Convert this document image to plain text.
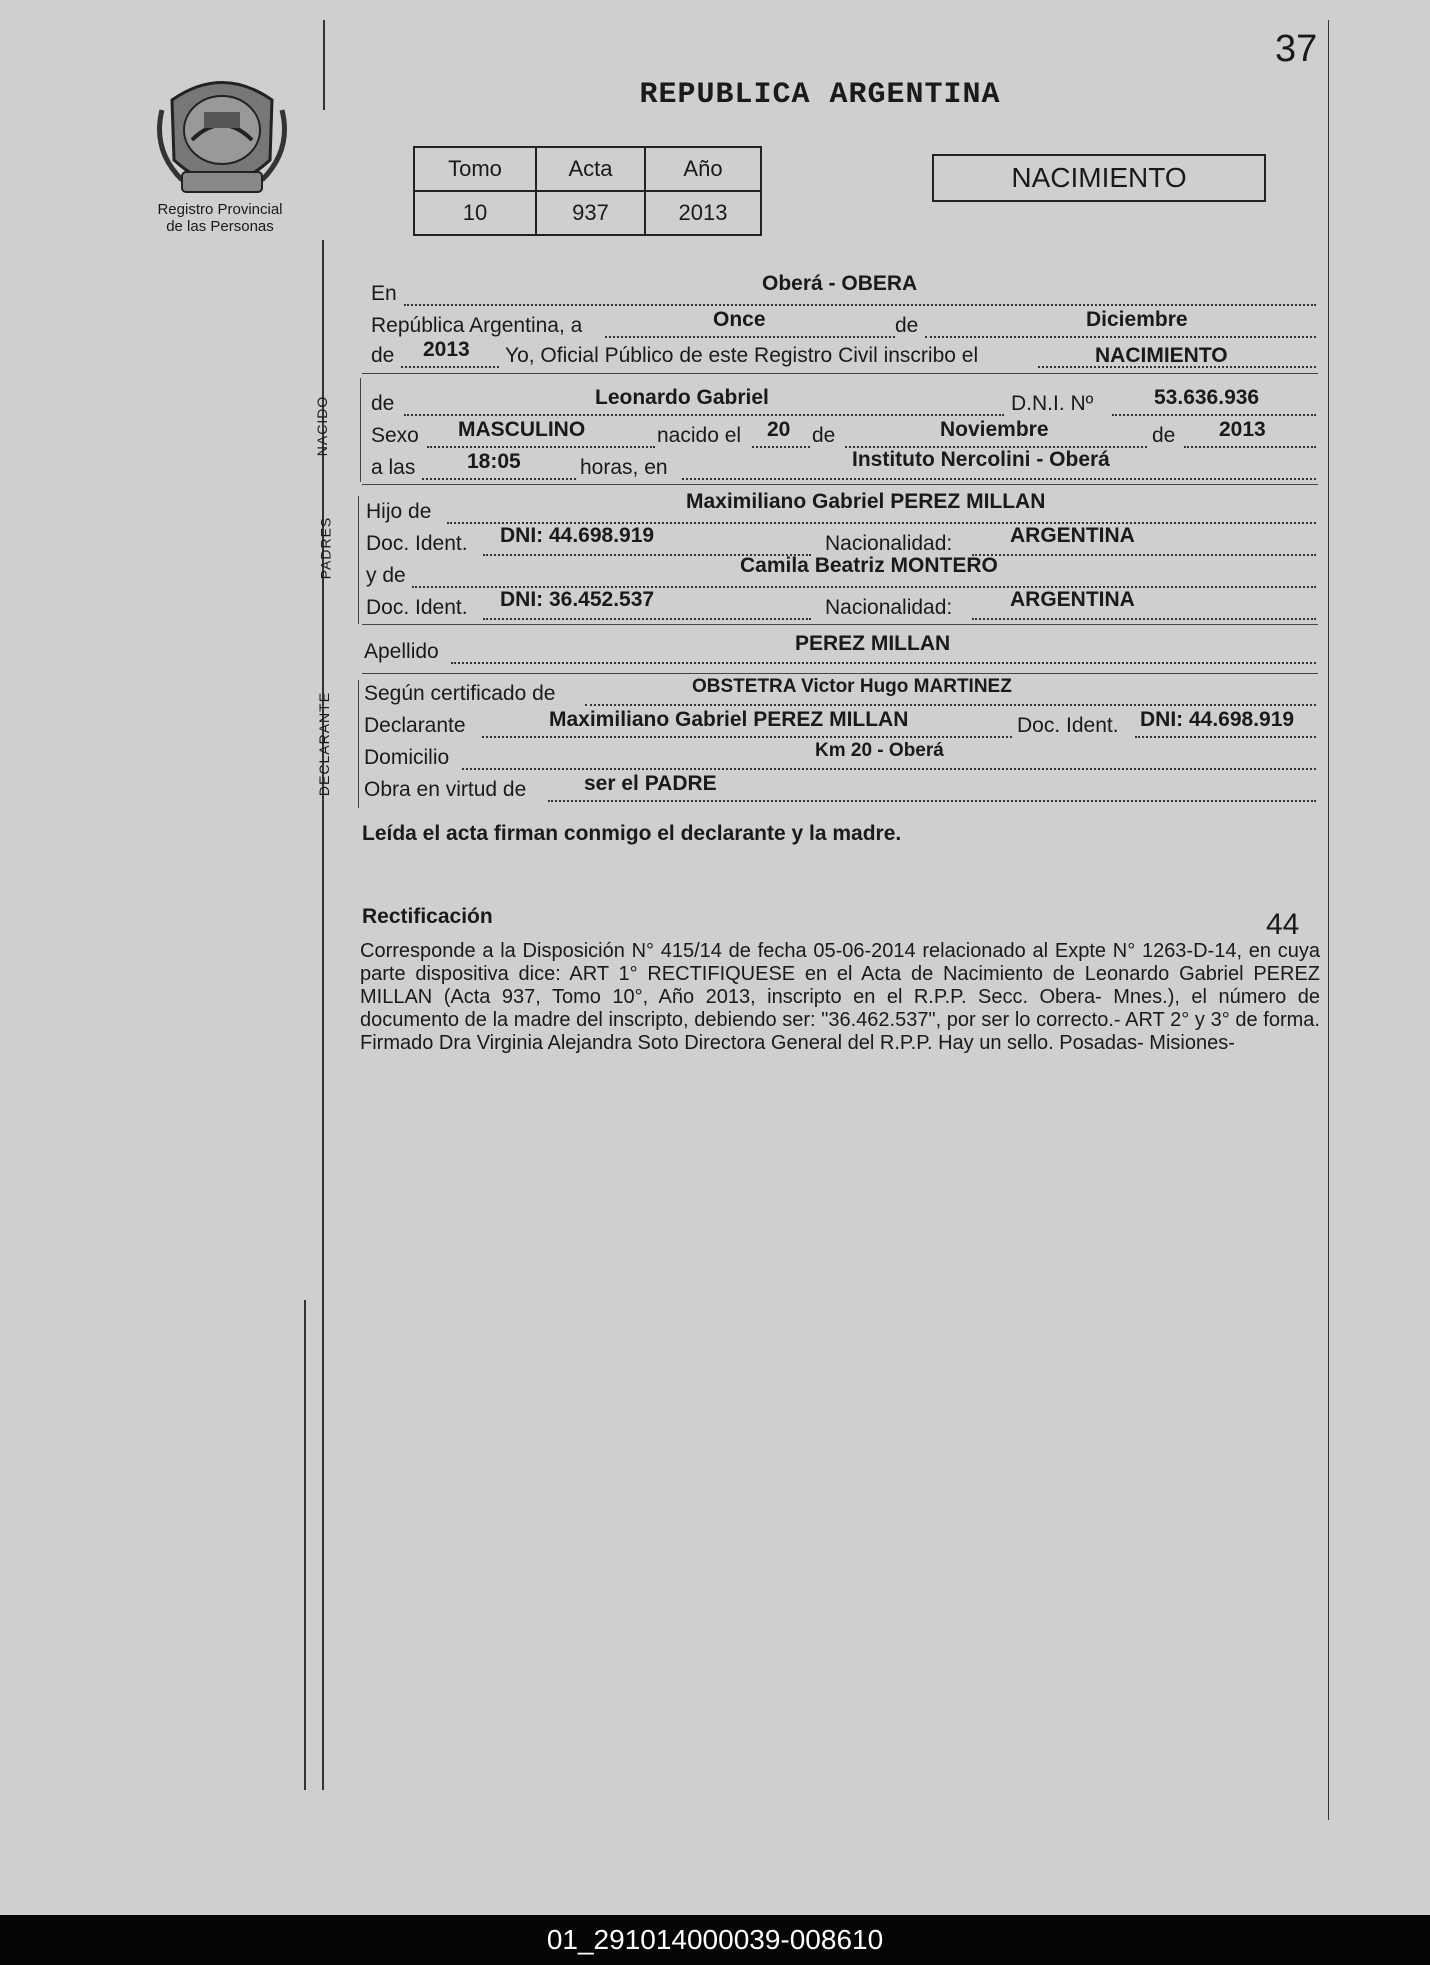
37
REPUBLICA ARGENTINA
Registro Provincial
de las Personas
Tomo	Acta	Año
10	937	2013
NACIMIENTO
En	Oberá - OBERA
República Argentina, a	Once	de	Diciembre
de 2013 Yo, Oficial Público de este Registro Civil inscribo el	NACIMIENTO
NACIDO de	Leonardo Gabriel	D.N.I. Nº	53.636.936
Sexo MASCULINO	nacido el 20 de	Noviembre	de 2013
a las 18:05	horas, en	Instituto Nercolini - Oberá
PADRES
Hijo de	Maximiliano Gabriel PEREZ MILLAN
Doc. Ident. DNI: 44.698.919	Nacionalidad:	ARGENTINA
y de	Camila Beatriz MONTERO
Doc. Ident. DNI: 36.452.537	Nacionalidad:	ARGENTINA
Apellido	PEREZ MILLAN
DECLARANTE Según certificado de	OBSTETRA Victor Hugo MARTINEZ
Declarante	Maximiliano Gabriel PEREZ MILLAN	Doc. Ident. DNI: 44.698.919
Domicilio	Km 20 - Oberá
Obra en virtud de	ser el PADRE
Leída el acta firman conmigo el declarante y la madre.
Rectificación	44
Corresponde a la Disposición N° 415/14 de fecha 05-06-2014 relacionado al Expte N° 1263-D-14, en cuya parte dispositiva dice: ART 1° RECTIFIQUESE en el Acta de Nacimiento de Leonardo Gabriel PEREZ MILLAN (Acta 937, Tomo 10°, Año 2013, inscripto en el R.P.P. Secc. Obera- Mnes.), el número de documento de la madre del inscripto, debiendo ser: "36.462.537", por ser lo correcto.- ART 2° y 3° de forma. Firmado Dra Virginia Alejandra Soto Directora General del R.P.P. Hay un sello. Posadas- Misiones-
01_291014000039-008610
